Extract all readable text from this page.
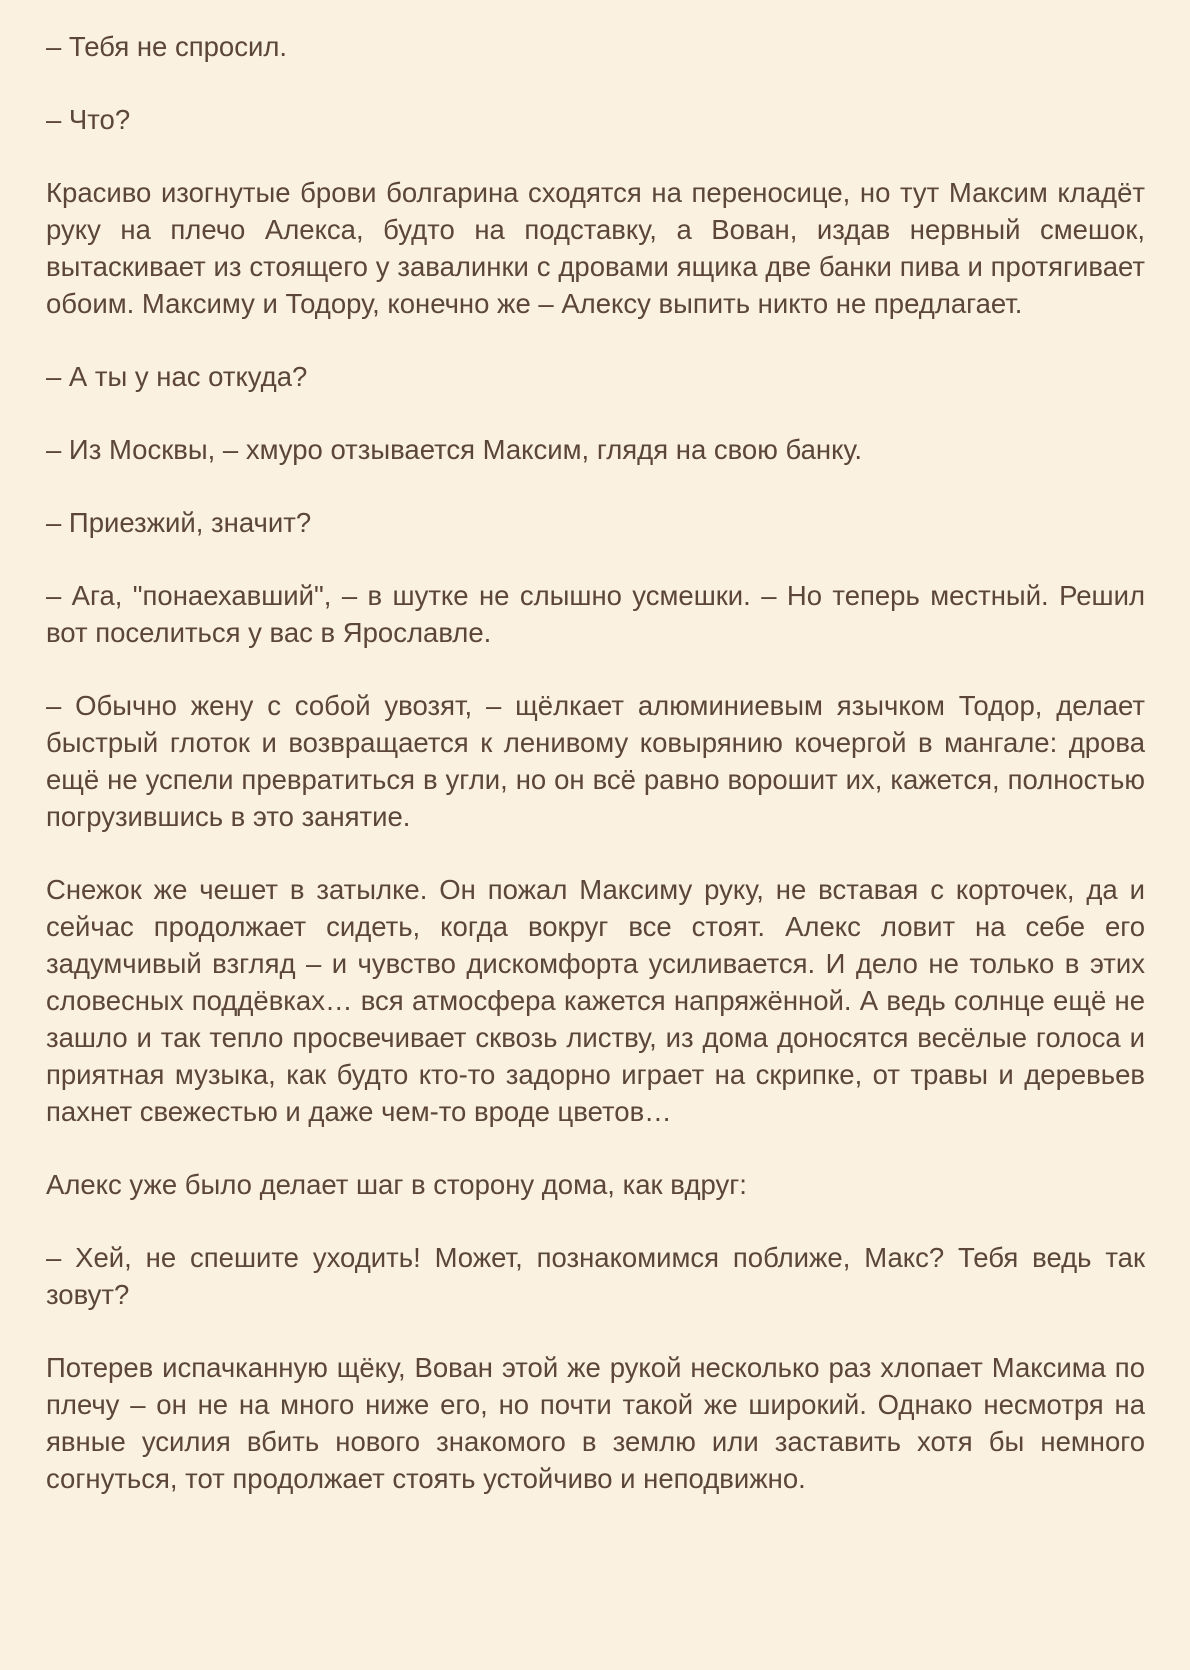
– Тебя не спросил.

– Что?

Красиво изогнутые брови болгарина сходятся на переносице, но тут Максим кладёт руку на плечо Алекса, будто на подставку, а Вован, издав нервный смешок, вытаскивает из стоящего у завалинки с дровами ящика две банки пива и протягивает обоим. Максиму и Тодору, конечно же – Алексу выпить никто не предлагает.

– А ты у нас откуда?

– Из Москвы, – хмуро отзывается Максим, глядя на свою банку.

– Приезжий, значит?

– Ага, "понаехавший", – в шутке не слышно усмешки. – Но теперь местный. Решил вот поселиться у вас в Ярославле.

– Обычно жену с собой увозят, – щёлкает алюминиевым язычком Тодор, делает быстрый глоток и возвращается к ленивому ковырянию кочергой в мангале: дрова ещё не успели превратиться в угли, но он всё равно ворошит их, кажется, полностью погрузившись в это занятие.

Снежок же чешет в затылке. Он пожал Максиму руку, не вставая с корточек, да и сейчас продолжает сидеть, когда вокруг все стоят. Алекс ловит на себе его задумчивый взгляд – и чувство дискомфорта усиливается. И дело не только в этих словесных поддёвках… вся атмосфера кажется напряжённой. А ведь солнце ещё не зашло и так тепло просвечивает сквозь листву, из дома доносятся весёлые голоса и приятная музыка, как будто кто-то задорно играет на скрипке, от травы и деревьев пахнет свежестью и даже чем-то вроде цветов…

Алекс уже было делает шаг в сторону дома, как вдруг:

– Хей, не спешите уходить! Может, познакомимся поближе, Макс? Тебя ведь так зовут?

Потерев испачканную щёку, Вован этой же рукой несколько раз хлопает Максима по плечу – он не на много ниже его, но почти такой же широкий. Однако несмотря на явные усилия вбить нового знакомого в землю или заставить хотя бы немного согнуться, тот продолжает стоять устойчиво и неподвижно.
